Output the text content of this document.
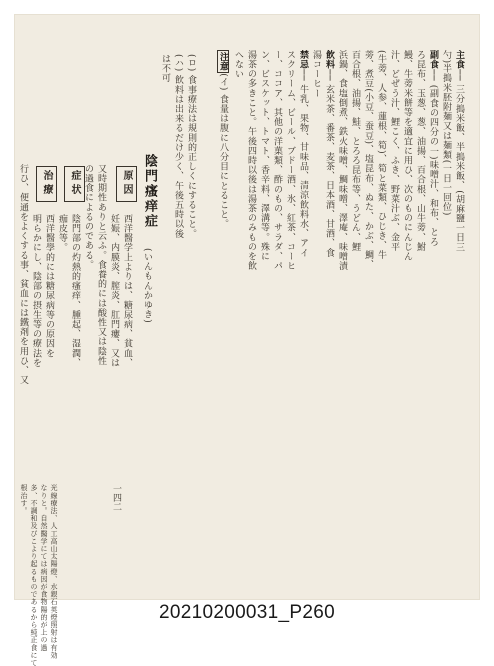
主食── 三分搗米飯、半搗米飯、(胡麻鹽一日三
勺)半搗米胚附麺又は麺類(一日一回位)
副食── (副食の四分の一)味噌汁、和布、とろ
ろ昆布、玉葱、葱、油揚、百合根、山牛蒡、鮒
鰻、牛蒡米餅等を適宜に用ひ、次のものにんじん
汁、どぜう汁、鯉こく、ふき、野菜汁ぶ、金平
(牛蒡、人参、蓮根、筍)、筍と菜類、ひじき、牛
蒡、煮豆(小豆、蚕豆)、塩昆布、ぬた、かぶ、鯛、
百合根、油揚、鮭、とろろ昆布等、うどん、鯉
浜鍋、食塩倒煮、鉄火味噌、鯛味噌、澤庵、味噌漬
飲料── 玄米茶、番茶、麦茶、日本酒、甘酒、食
湯コーヒー
禁忌── 牛乳、果物、甘味品、清涼飲料水、アイ
スクリーム、ビール、ブドー酒、氷、紅茶、コーヒ
ー、ココア、其他の洋菓類、酢のもの、サラダ、パ
ン、ビスケット、トマト、香辛料、澤溝等。殊に
湯茶の多きこと。午後四時以後は湯茶のみものを飲
へない
注意(イ) 食量は腹に八分目にとること。
(ロ) 食事療法は規則的正しくにすること。
(ハ) 飲料は出来るだけ少く、午後五時以後
は不可
陰門瘙痒症
(いんもんかゆき)
原因
西洋醫学上よりは、糖尿病、貧血、
妊娠、内膜炎、膣炎、肛門瘻、又は
又時期性ありと云ふ。食養的には酸性又は陰性
の過食によるのである。
症状
陰門部の灼熱的瘙痒、腫起、湿潤、
痂皮等。
治療
西洋醫學的には糖尿病等の原因を
明らかにし、陰部の摂生等の療法を
行ひ、便通をよくする事、貧血には鐵剤を用ひ、又
一四二
光線療法、人工高山太陽燈、水銀石英燈照射は有効
なりと。自然醫学にては病因が食物陽的が上の過
多、不調和及びこより起るものであるから純正食にて
根治す。
20210200031_P260
